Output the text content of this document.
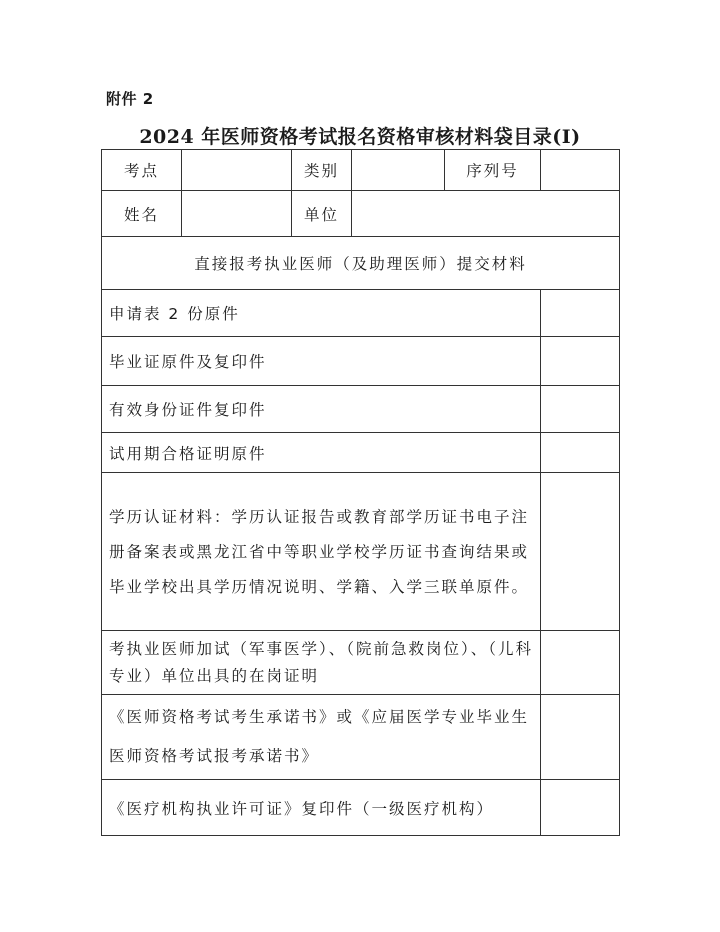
附件 2
2024 年医师资格考试报名资格审核材料袋目录(I)
考点		类别		序列号	
姓名		单位			
直接报考执业医师（及助理医师）提交材料					
申请表 2 份原件					
毕业证原件及复印件					
有效身份证件复印件					
试用期合格证明原件					
学历认证材料：学历认证报告或教育部学历证书电子注册备案表或黑龙江省中等职业学校学历证书查询结果或毕业学校出具学历情况说明、学籍、入学三联单原件。					
考执业医师加试（军事医学）、（院前急救岗位）、（儿科专业）单位出具的在岗证明					
《医师资格考试考生承诺书》或《应届医学专业毕业生医师资格考试报考承诺书》					
《医疗机构执业许可证》复印件（一级医疗机构）					
